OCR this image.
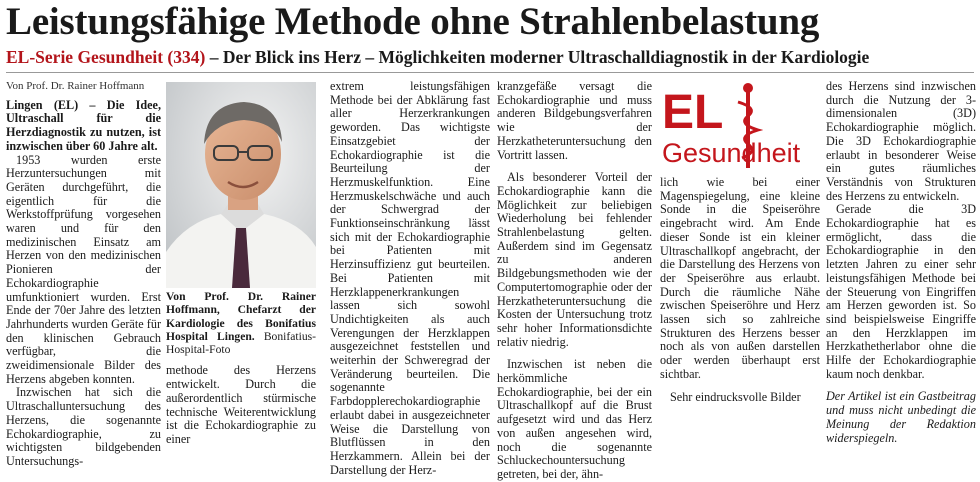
Leistungsfähige Methode ohne Strahlenbelastung
EL-Serie Gesundheit (334) – Der Blick ins Herz – Möglichkeiten moderner Ultraschalldiagnostik in der Kardiologie

Von Prof. Dr. Rainer Hoffmann

Lingen (EL) – Die Idee, Ultraschall für die Herzdiagnostik zu nutzen, ist inzwischen über 60 Jahre alt.

1953 wurden erste Herzuntersuchungen mit Geräten durchgeführt, die eigentlich für die Werkstoffprüfung vorgesehen waren und für den medizinischen Einsatz am Herzen von den medizinischen Pionieren der Echokardiographie umfunktioniert wurden. Erst Ende der 70er Jahre des letzten Jahrhunderts wurden Geräte für den klinischen Gebrauch verfügbar, die zweidimensionale Bilder des Herzens abgeben konnten.

Inzwischen hat sich die Ultraschalluntersuchung des Herzens, die sogenannte Echokardiographie, zu wichtigsten bildgebenden Untersuchungs-

Von Prof. Dr. Rainer Hoffmann, Chefarzt der Kardiologie des Bonifatius Hospital Lingen. Bonifatius-Hospital-Foto

methode des Herzens entwickelt. Durch die außerordentlich stürmische technische Weiterentwicklung ist die Echokardiographie zu einer

extrem leistungsfähigen Methode bei der Abklärung fast aller Herzerkrankungen geworden. Das wichtigste Einsatzgebiet der Echokardiographie ist die Beurteilung der Herzmuskelfunktion. Eine Herzmuskelschwäche und auch der Schwergrad der Funktionseinschränkung lässt sich mit der Echokardiographie bei Patienten mit Herzinsuffizienz gut beurteilen. Bei Patienten mit Herzklappenerkrankungen lassen sich sowohl Undichtigkeiten als auch Verengungen der Herzklappen ausgezeichnet feststellen und weiterhin der Schweregrad der Veränderung beurteilen. Die sogenannte Farbdopplerechokardiographie erlaubt dabei in ausgezeichneter Weise die Darstellung von Blutflüssen in den Herzkammern. Allein bei der Darstellung der Herz-

kranzgefäße versagt die Echokardiographie und muss anderen Bildgebungsverfahren wie der Herzkatheteruntersuchung den Vortritt lassen.

Als besonderer Vorteil der Echokardiographie kann die Möglichkeit zur beliebigen Wiederholung bei fehlender Strahlenbelastung gelten. Außerdem sind im Gegensatz zu anderen Bildgebungsmethoden wie der Computertomographie oder der Herzkatheteruntersuchung die Kosten der Untersuchung trotz sehr hoher Informationsdichte relativ niedrig.

Inzwischen ist neben die herkömmliche Echokardiographie, bei der ein Ultraschallkopf auf die Brust aufgesetzt wird und das Herz von außen angesehen wird, noch die sogenannte Schluckechountersuchung getreten, bei der, ähn-

EL
Gesundheit

lich wie bei einer Magenspiegelung, eine kleine Sonde in die Speiseröhre eingebracht wird. Am Ende dieser Sonde ist ein kleiner Ultraschallkopf angebracht, der die Darstellung des Herzens von der Speiseröhre aus erlaubt. Durch die räumliche Nähe zwischen Speiseröhre und Herz lassen sich so zahlreiche Strukturen des Herzens besser noch als von außen darstellen oder werden überhaupt erst sichtbar.

Sehr eindrucksvolle Bilder

des Herzens sind inzwischen durch die Nutzung der 3-dimensionalen (3D) Echokardiographie möglich. Die 3D Echokardiographie erlaubt in besonderer Weise ein gutes räumliches Verständnis von Strukturen des Herzens zu entwickeln.

Gerade die 3D Echokardiographie hat es ermöglicht, dass die Echokardiographie in den letzten Jahren zu einer sehr leistungsfähigen Methode bei der Steuerung von Eingriffen am Herzen geworden ist. So sind beispielsweise Eingriffe an den Herzklappen im Herzkathetherlabor ohne die Hilfe der Echokardiographie kaum noch denkbar.

Der Artikel ist ein Gastbeitrag und muss nicht unbedingt die Meinung der Redaktion widerspiegeln.
